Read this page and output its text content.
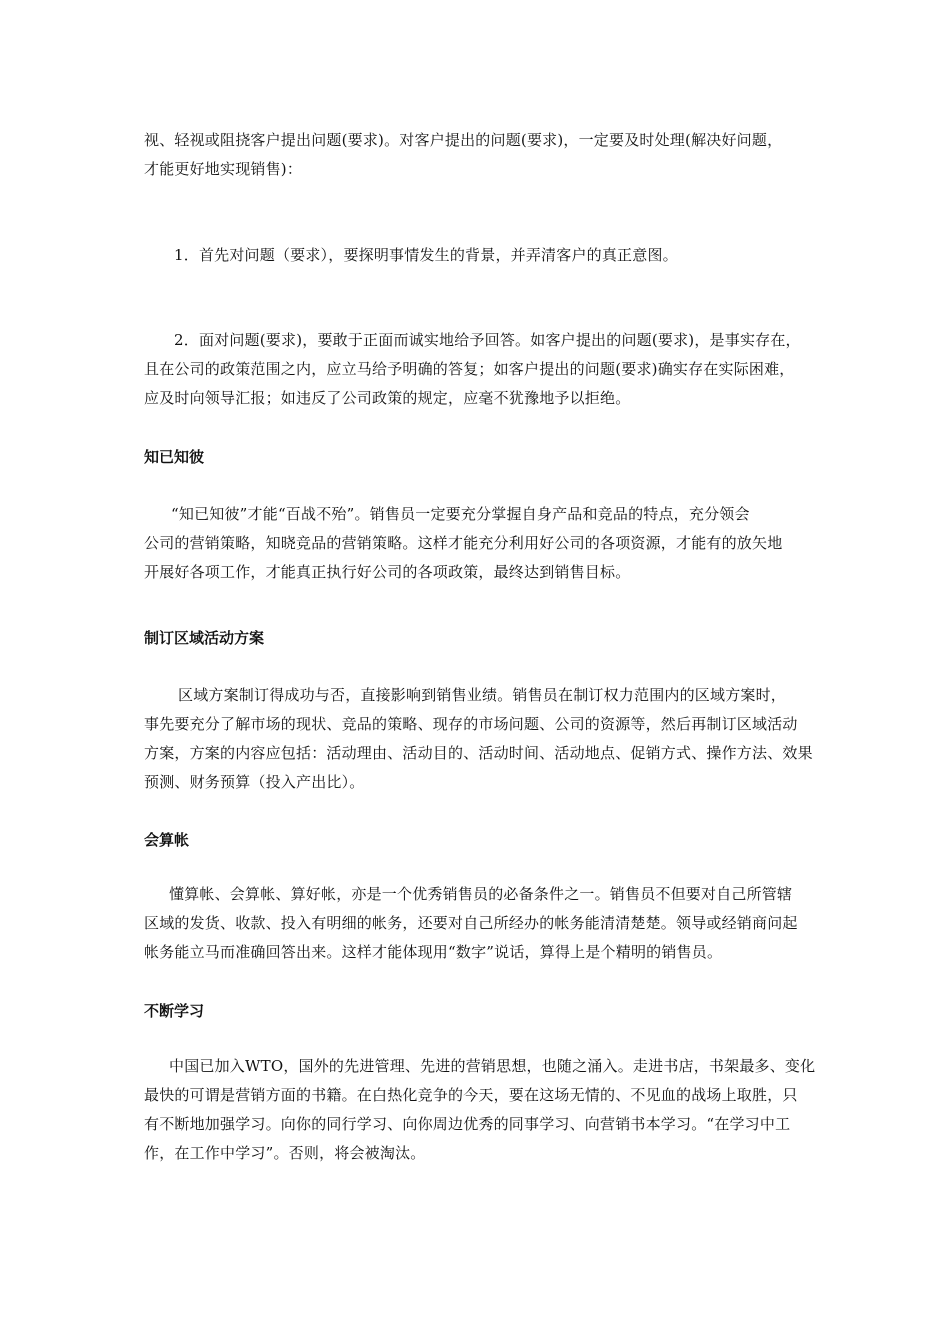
视、轻视或阻挠客户提出问题(要求)。对客户提出的问题(要求)，一定要及时处理(解决好问题，
才能更好地实现销售)：
1．首先对问题（要求），要探明事情发生的背景，并弄清客户的真正意图。
2．面对问题(要求)，要敢于正面而诚实地给予回答。如客户提出的问题(要求)，是事实存在，
且在公司的政策范围之内，应立马给予明确的答复；如客户提出的问题(要求)确实存在实际困难，
应及时向领导汇报；如违反了公司政策的规定，应毫不犹豫地予以拒绝。
知已知彼
“知已知彼”才能“百战不殆”。销售员一定要充分掌握自身产品和竞品的特点，充分领会
公司的营销策略，知晓竞品的营销策略。这样才能充分利用好公司的各项资源，才能有的放矢地
开展好各项工作，才能真正执行好公司的各项政策，最终达到销售目标。
制订区域活动方案
区域方案制订得成功与否，直接影响到销售业绩。销售员在制订权力范围内的区域方案时，
事先要充分了解市场的现状、竞品的策略、现存的市场问题、公司的资源等，然后再制订区域活动
方案，方案的内容应包括：活动理由、活动目的、活动时间、活动地点、促销方式、操作方法、效果
预测、财务预算（投入产出比）。
会算帐
懂算帐、会算帐、算好帐，亦是一个优秀销售员的必备条件之一。销售员不但要对自己所管辖
区域的发货、收款、投入有明细的帐务，还要对自己所经办的帐务能清清楚楚。领导或经销商问起
帐务能立马而准确回答出来。这样才能体现用“数字”说话，算得上是个精明的销售员。
不断学习
中国已加入WTO，国外的先进管理、先进的营销思想，也随之涌入。走进书店，书架最多、变化
最快的可谓是营销方面的书籍。在白热化竞争的今天，要在这场无情的、不见血的战场上取胜，只
有不断地加强学习。向你的同行学习、向你周边优秀的同事学习、向营销书本学习。“在学习中工
作，在工作中学习”。否则，将会被淘汰。
